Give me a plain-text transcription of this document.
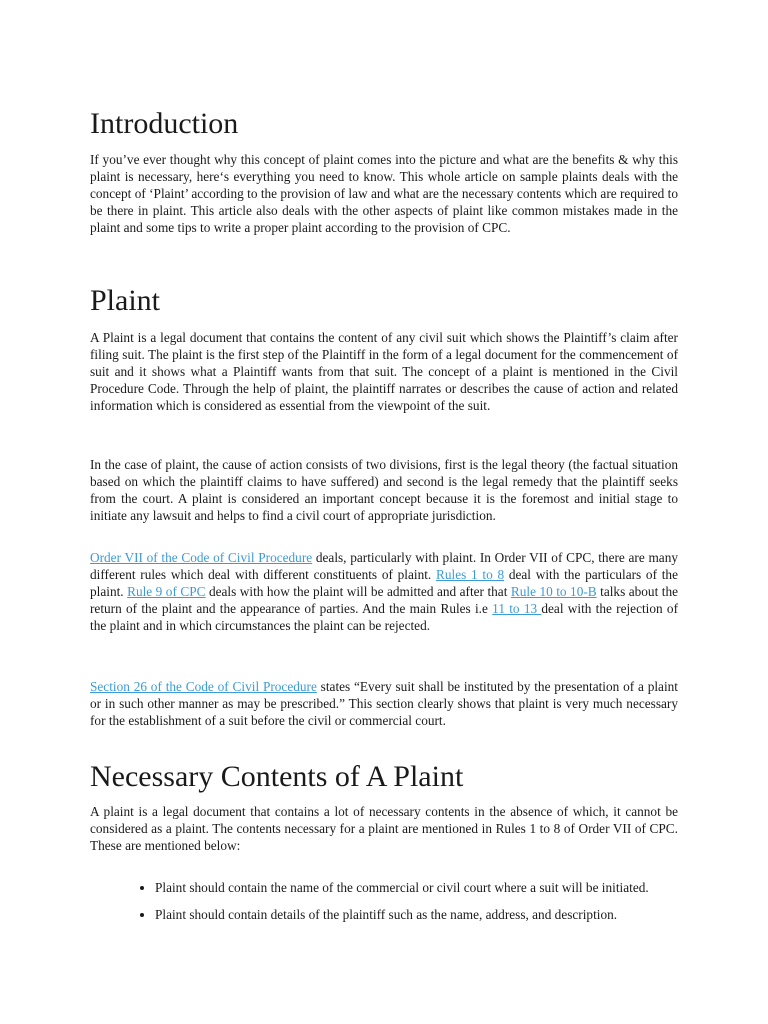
Introduction

If you’ve ever thought why this concept of plaint comes into the picture and what are the benefits & why this plaint is necessary, here‘s everything you need to know. This whole article on sample plaints deals with the concept of ‘Plaint’ according to the provision of law and what are the necessary contents which are required to be there in plaint. This article also deals with the other aspects of plaint like common mistakes made in the plaint and some tips to write a proper plaint according to the provision of CPC.

Plaint

A Plaint is a legal document that contains the content of any civil suit which shows the Plaintiff’s claim after filing suit. The plaint is the first step of the Plaintiff in the form of a legal document for the commencement of suit and it shows what a Plaintiff wants from that suit. The concept of a plaint is mentioned in the Civil Procedure Code. Through the help of plaint, the plaintiff narrates or describes the cause of action and related information which is considered as essential from the viewpoint of the suit.

In the case of plaint, the cause of action consists of two divisions, first is the legal theory (the factual situation based on which the plaintiff claims to have suffered) and second is the legal remedy that the plaintiff seeks from the court. A plaint is considered an important concept because it is the foremost and initial stage to initiate any lawsuit and helps to find a civil court of appropriate jurisdiction.

Order VII of the Code of Civil Procedure deals, particularly with plaint. In Order VII of CPC, there are many different rules which deal with different constituents of plaint. Rules 1 to 8 deal with the particulars of the plaint. Rule 9 of CPC deals with how the plaint will be admitted and after that Rule 10 to 10-B talks about the return of the plaint and the appearance of parties. And the main Rules i.e 11 to 13 deal with the rejection of the plaint and in which circumstances the plaint can be rejected.

Section 26 of the Code of Civil Procedure states “Every suit shall be instituted by the presentation of a plaint or in such other manner as may be prescribed.” This section clearly shows that plaint is very much necessary for the establishment of a suit before the civil or commercial court.

Necessary Contents of A Plaint

A plaint is a legal document that contains a lot of necessary contents in the absence of which, it cannot be considered as a plaint. The contents necessary for a plaint are mentioned in Rules 1 to 8 of Order VII of CPC. These are mentioned below:

• Plaint should contain the name of the commercial or civil court where a suit will be initiated.
• Plaint should contain details of the plaintiff such as the name, address, and description.
